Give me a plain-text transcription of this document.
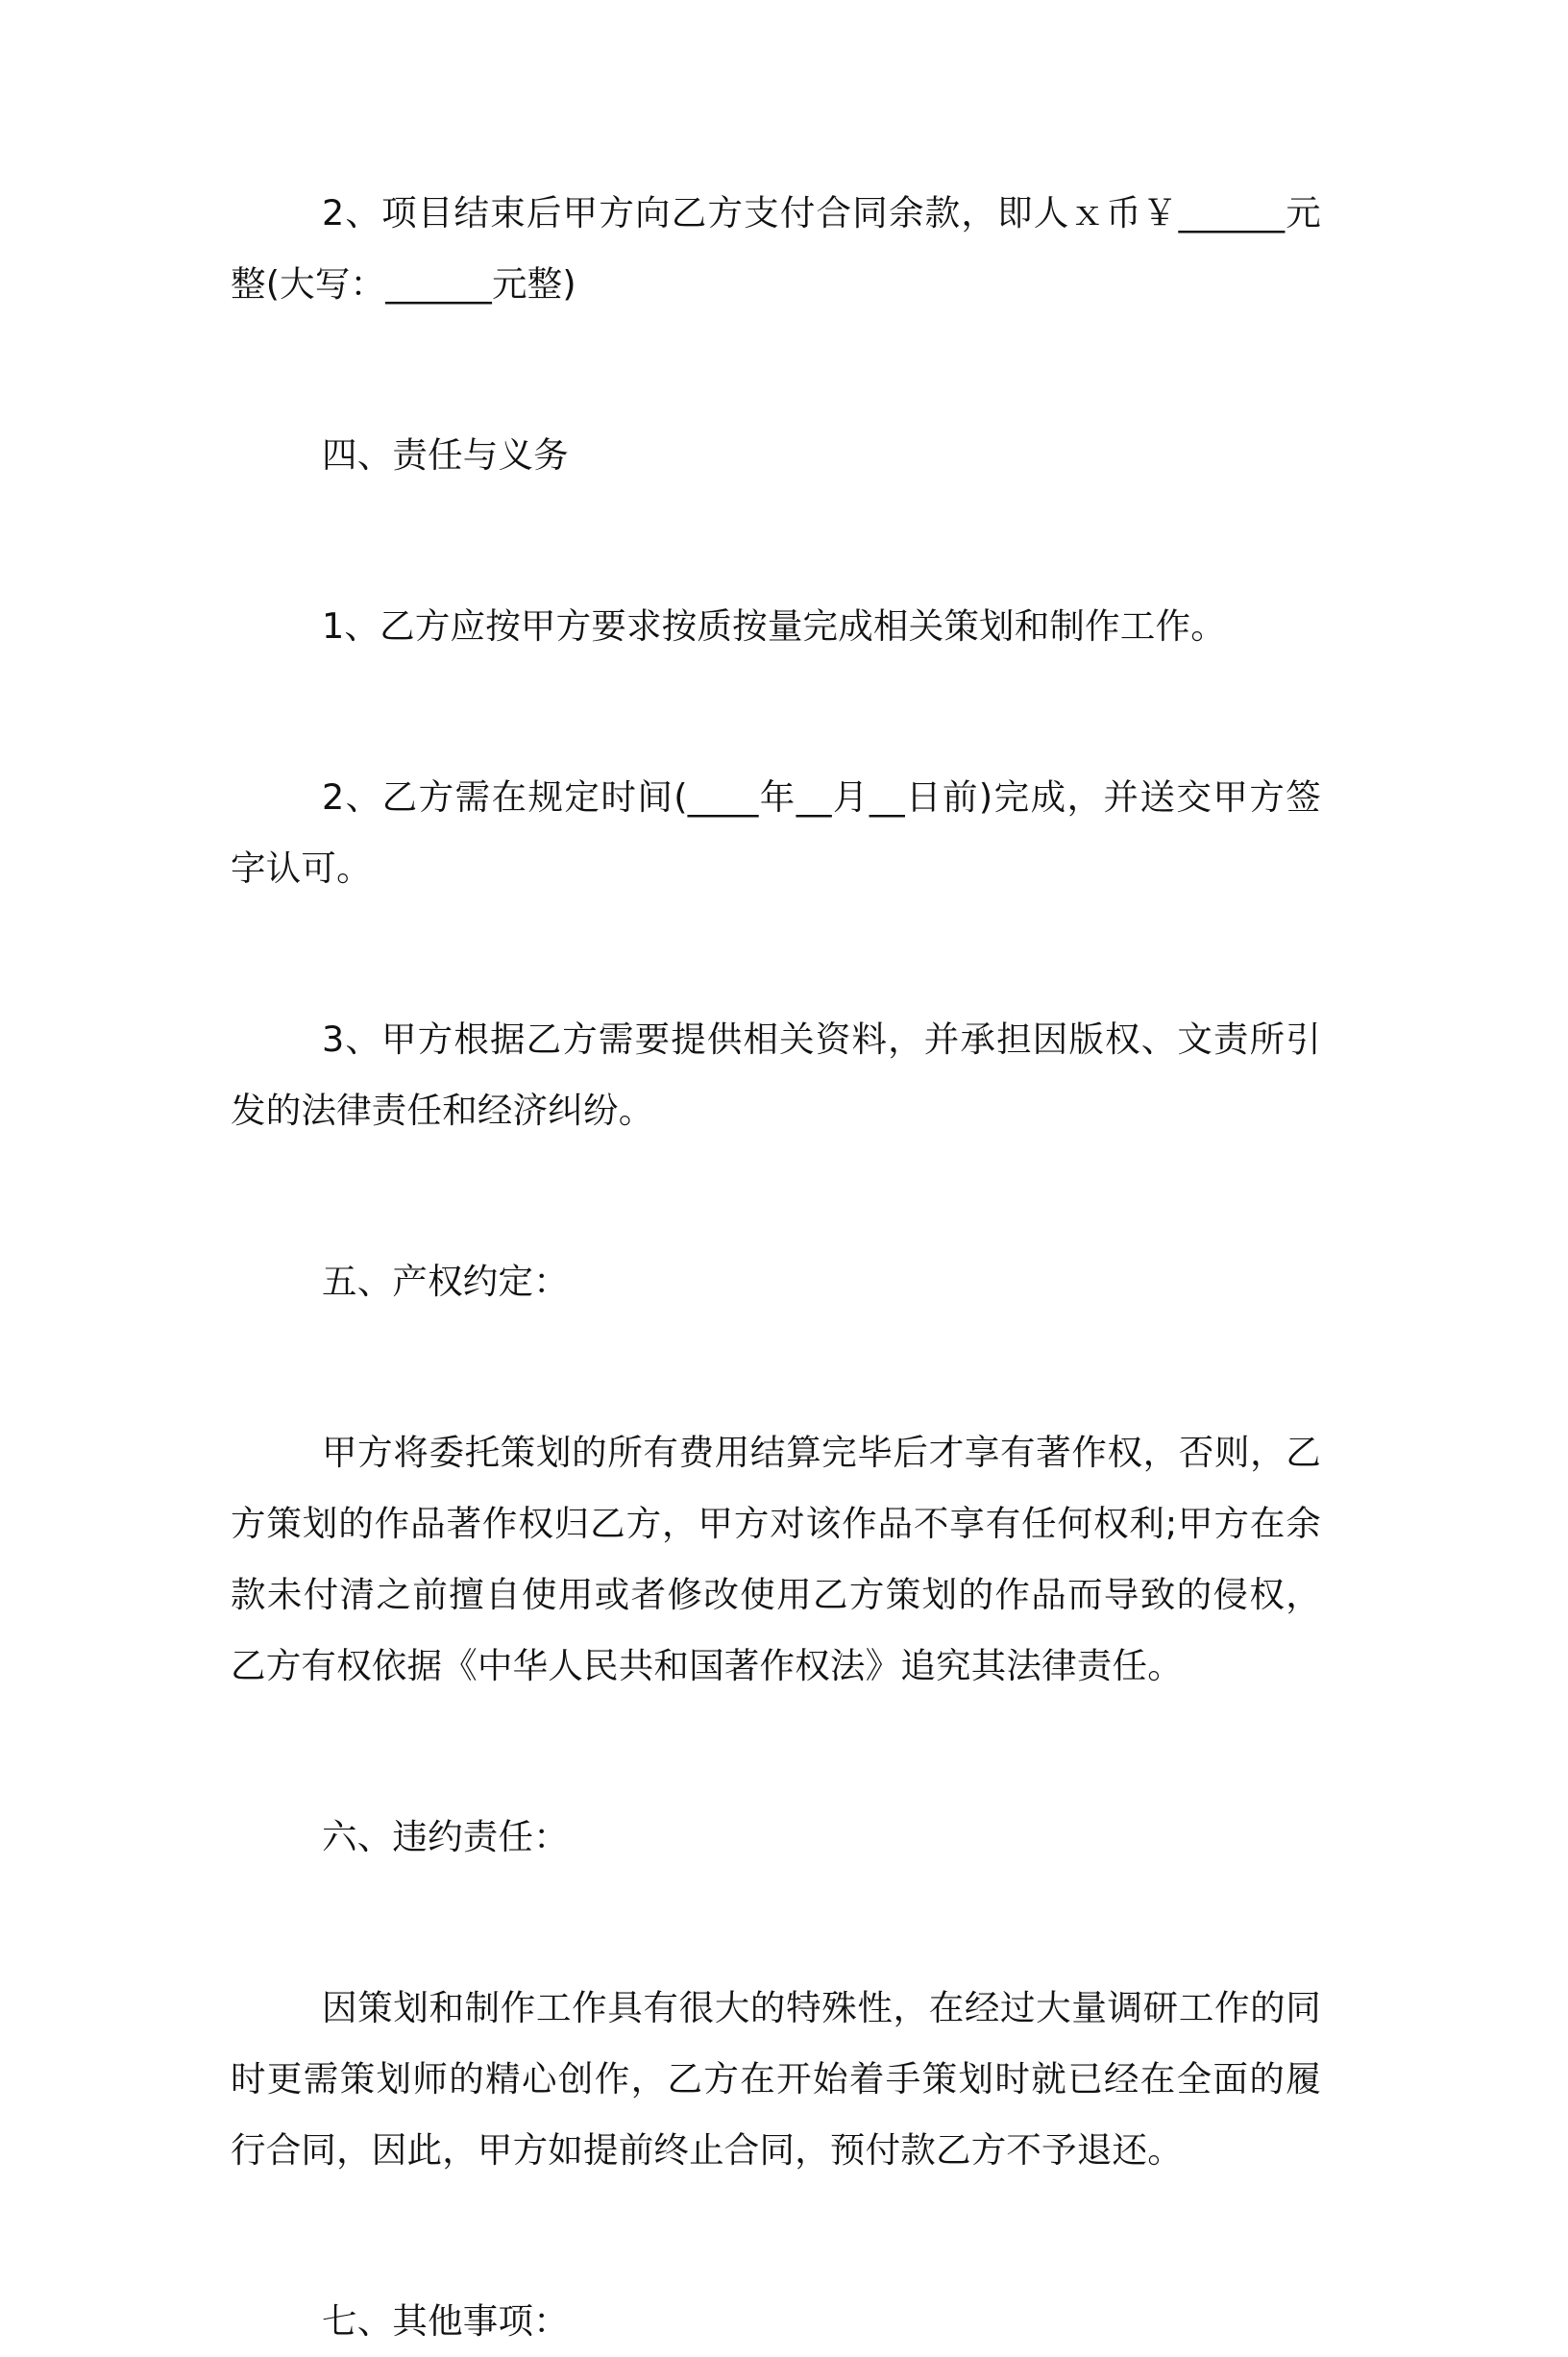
2、项目结束后甲方向乙方支付合同余款，即人ｘ币￥______元整(大写：______元整)

四、责任与义务

1、乙方应按甲方要求按质按量完成相关策划和制作工作。

2、乙方需在规定时间(____年__月__日前)完成，并送交甲方签字认可。

3、甲方根据乙方需要提供相关资料，并承担因版权、文责所引发的法律责任和经济纠纷。

五、产权约定：

甲方将委托策划的所有费用结算完毕后才享有著作权，否则，乙方策划的作品著作权归乙方，甲方对该作品不享有任何权利;甲方在余款未付清之前擅自使用或者修改使用乙方策划的作品而导致的侵权，乙方有权依据《中华人民共和国著作权法》追究其法律责任。

六、违约责任：

因策划和制作工作具有很大的特殊性，在经过大量调研工作的同时更需策划师的精心创作，乙方在开始着手策划时就已经在全面的履行合同，因此，甲方如提前终止合同，预付款乙方不予退还。

七、其他事项：
